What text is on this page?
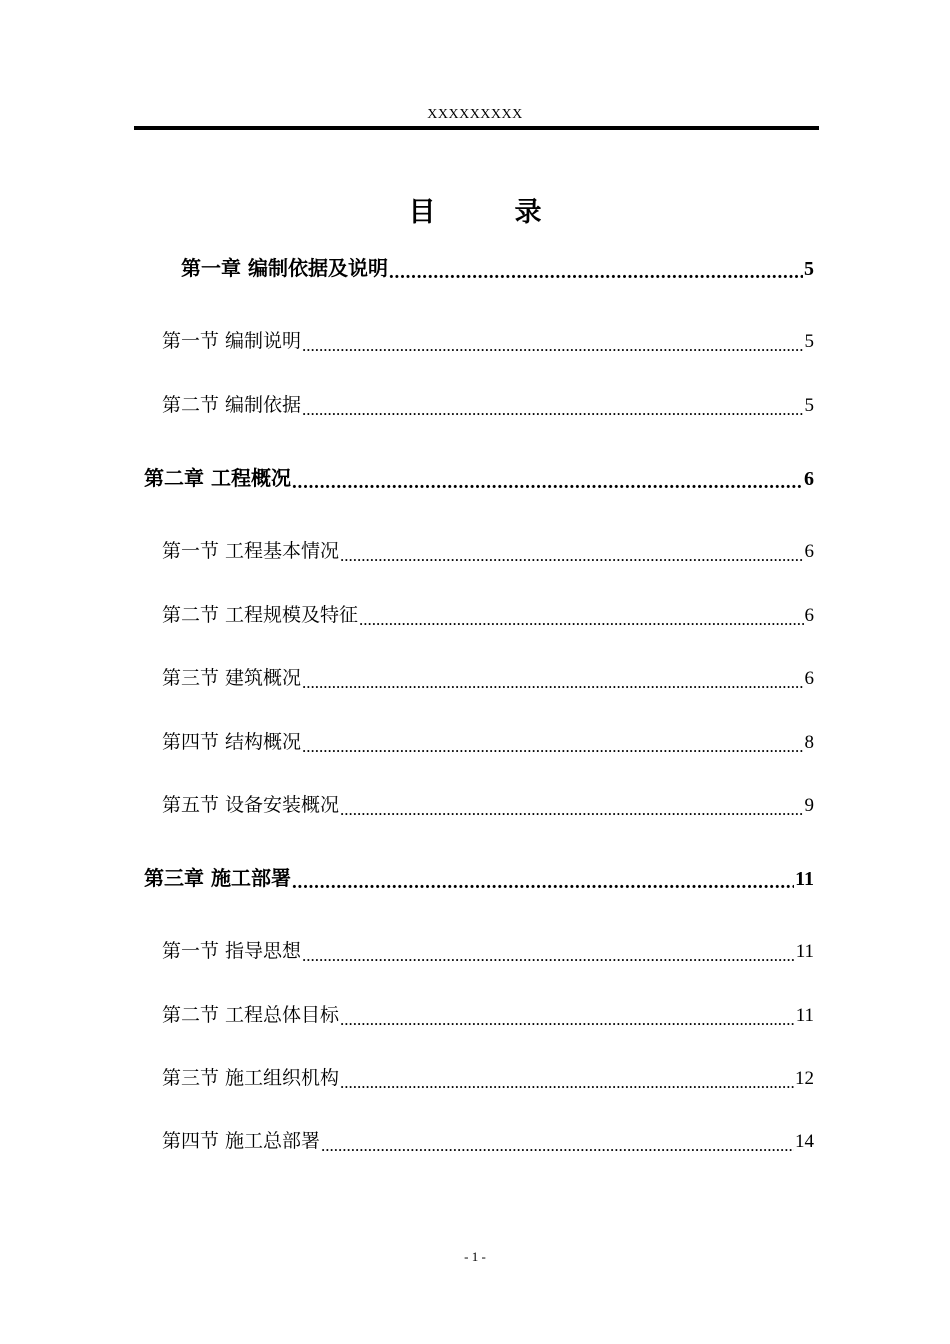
XXXXXXXXX
目　录
第一章 编制依据及说明 .....	5
第一节 编制说明 .....	5
第二节 编制依据 .....	5
第二章 工程概况 .....	6
第一节 工程基本情况 .....	6
第二节 工程规模及特征 .....	6
第三节 建筑概况 .....	6
第四节 结构概况 .....	8
第五节 设备安装概况 .....	9
第三章 施工部署 .....	11
第一节 指导思想 .....	11
第二节 工程总体目标 .....	11
第三节 施工组织机构 .....	12
第四节 施工总部署 .....	14
- 1 -
